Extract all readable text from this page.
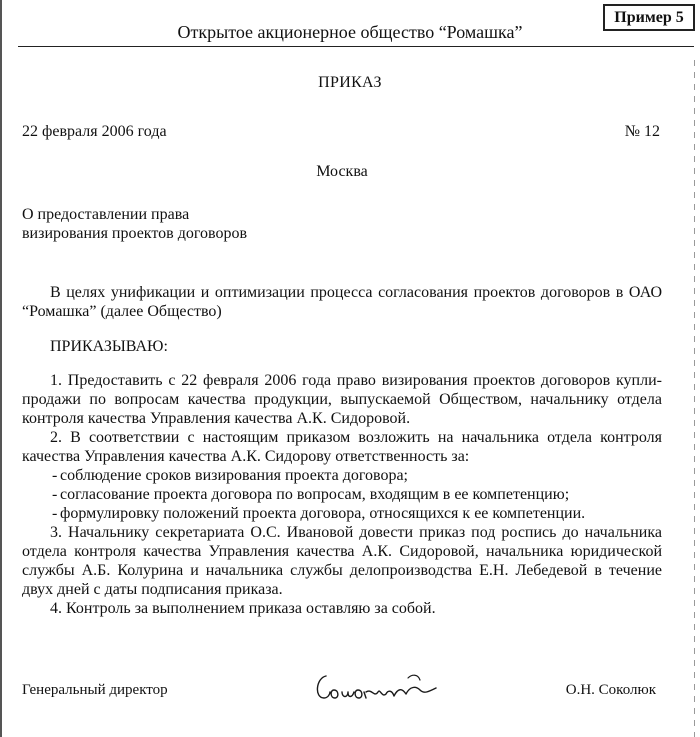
Пример 5
Открытое акционерное общество “Ромашка”
ПРИКАЗ
22 февраля 2006 года	№ 12
Москва
О предоставлении права
визирования проектов договоров

В целях унификации и оптимизации процесса согласования проектов договоров в ОАО “Ромашка” (далее Общество)

ПРИКАЗЫВАЮ:

1. Предоставить с 22 февраля 2006 года право визирования проектов договоров купли-продажи по вопросам качества продукции, выпускаемой Обществом, начальнику отдела контроля качества Управления качества А.К. Сидоровой.

2. В соответствии с настоящим приказом возложить на начальника отдела контроля качества Управления качества А.К. Сидорову ответственность за:

- соблюдение сроков визирования проекта договора;
- согласование проекта договора по вопросам, входящим в ее компетенцию;
- формулировку положений проекта договора, относящихся к ее компетенции.

3. Начальнику секретариата О.С. Ивановой довести приказ под роспись до начальника отдела контроля качества Управления качества А.К. Сидоровой, начальника юридической службы А.Б. Колурина и начальника службы делопроизводства Е.Н. Лебедевой в течение двух дней с даты подписания приказа.

4. Контроль за выполнением приказа оставляю за собой.

Генеральный директор	О.Н. Соколюк
